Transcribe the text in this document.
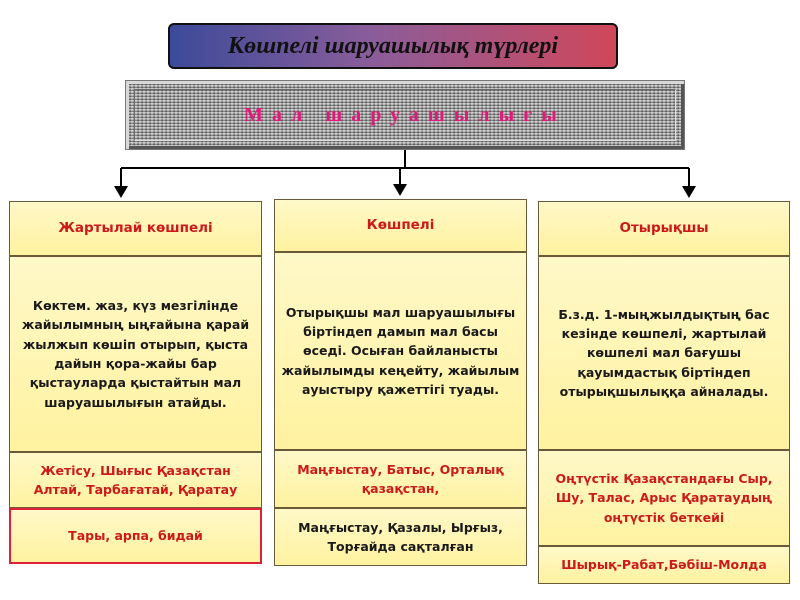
Көшпелі шаруашылық түрлері
Мал шаруашылығы
Жартылай көшпелі
Көктем. жаз, күз мезгілінде жайылымның ыңғайына қарай жылжып көшіп отырып, қыста дайын қора-жайы бар қыстауларда қыстайтын мал шаруашылығын атайды.
Жетісу, Шығыс Қазақстан Алтай, Тарбағатай, Қаратау
Тары, арпа, бидай
Көшпелі
Отырықшы мал шаруашылығы біртіндеп дамып мал басы өседі. Осыған байланысты жайылымды кеңейту, жайылым ауыстыру қажеттігі туады.
Маңғыстау, Батыс, Орталық қазақстан,
Маңғыстау, Қазалы, Ырғыз, Торғайда сақталған
Отырықшы
Б.з.д. 1-мыңжылдықтың бас кезінде көшпелі, жартылай көшпелі мал бағушы қауымдастық біртіндеп отырықшылыққа айналады.
Оңтүстік Қазақстандағы Сыр, Шу, Талас, Арыс Қаратаудың оңтүстік беткейі
Шырық-Рабат,Бәбіш-Молда
